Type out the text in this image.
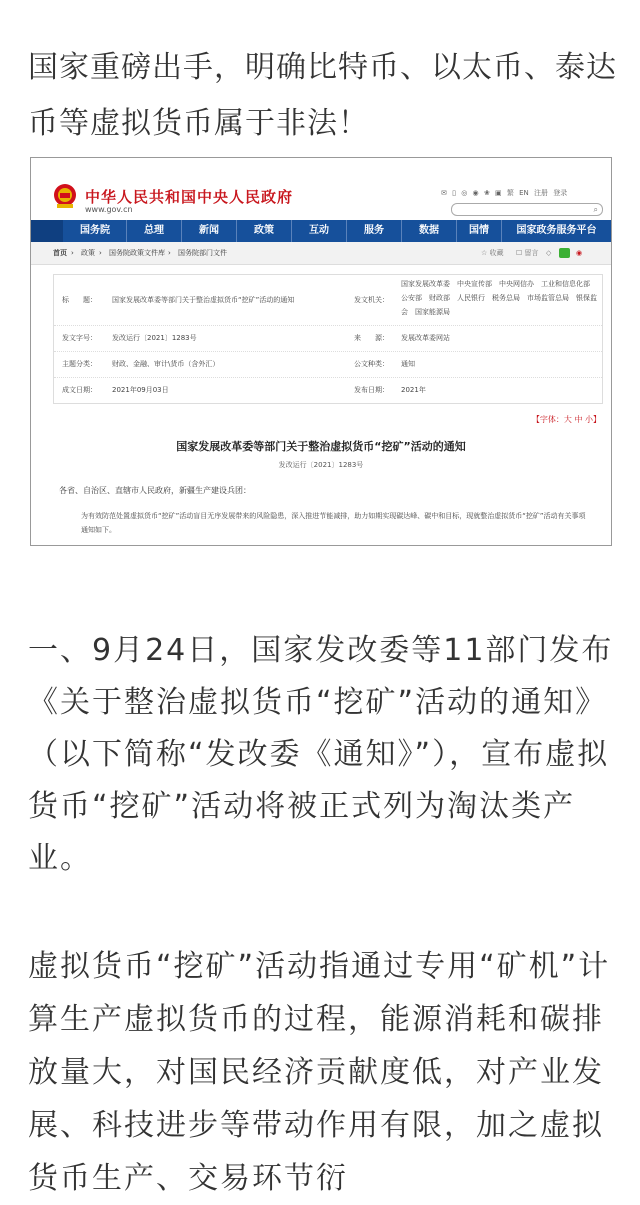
国家重磅出手，明确比特币、以太币、泰达币等虚拟货币属于非法！

中华人民共和国中央人民政府
www.gov.cn
✉ ▯ ◎ ◉ ❀ ▣ 繁 EN 注册 登录
⌕
国务院	总理	新闻	政策	互动	服务	数据	国情	国家政务服务平台
首页 › 政策 › 国务院政策文件库 › 国务院部门文件	☆ 收藏 ☐ 留言 ◇	◉
标　　题： 国家发展改革委等部门关于整治虚拟货币“挖矿”活动的通知	发文机关：
国家发展改革委　中央宣传部　中央网信办　工业和信息化部
公安部　财政部　人民银行　税务总局　市场监管总局　银保监
会　国家能源局
发文字号： 发改运行〔2021〕1283号	来　　源： 发展改革委网站
主题分类： 财政、金融、审计\货币（含外汇）	公文种类： 通知
成文日期： 2021年09月03日	发布日期： 2021年
【字体：大 中 小】
国家发展改革委等部门关于整治虚拟货币“挖矿”活动的通知
发改运行〔2021〕1283号
各省、自治区、直辖市人民政府，新疆生产建设兵团：
为有效防范处置虚拟货币“挖矿”活动盲目无序发展带来的风险隐患，深入推进节能减排，助力如期实现碳达峰、碳中和目标，现就整治虚拟货币“挖矿”活动有关事项通知如下。

一、9月24日，国家发改委等11部门发布《关于整治虚拟货币“挖矿”活动的通知》（以下简称“发改委《通知》”），宣布虚拟货币“挖矿”活动将被正式列为淘汰类产业。

虚拟货币“挖矿”活动指通过专用“矿机”计算生产虚拟货币的过程，能源消耗和碳排放量大，对国民经济贡献度低，对产业发展、科技进步等带动作用有限，加之虚拟货币生产、交易环节衍
